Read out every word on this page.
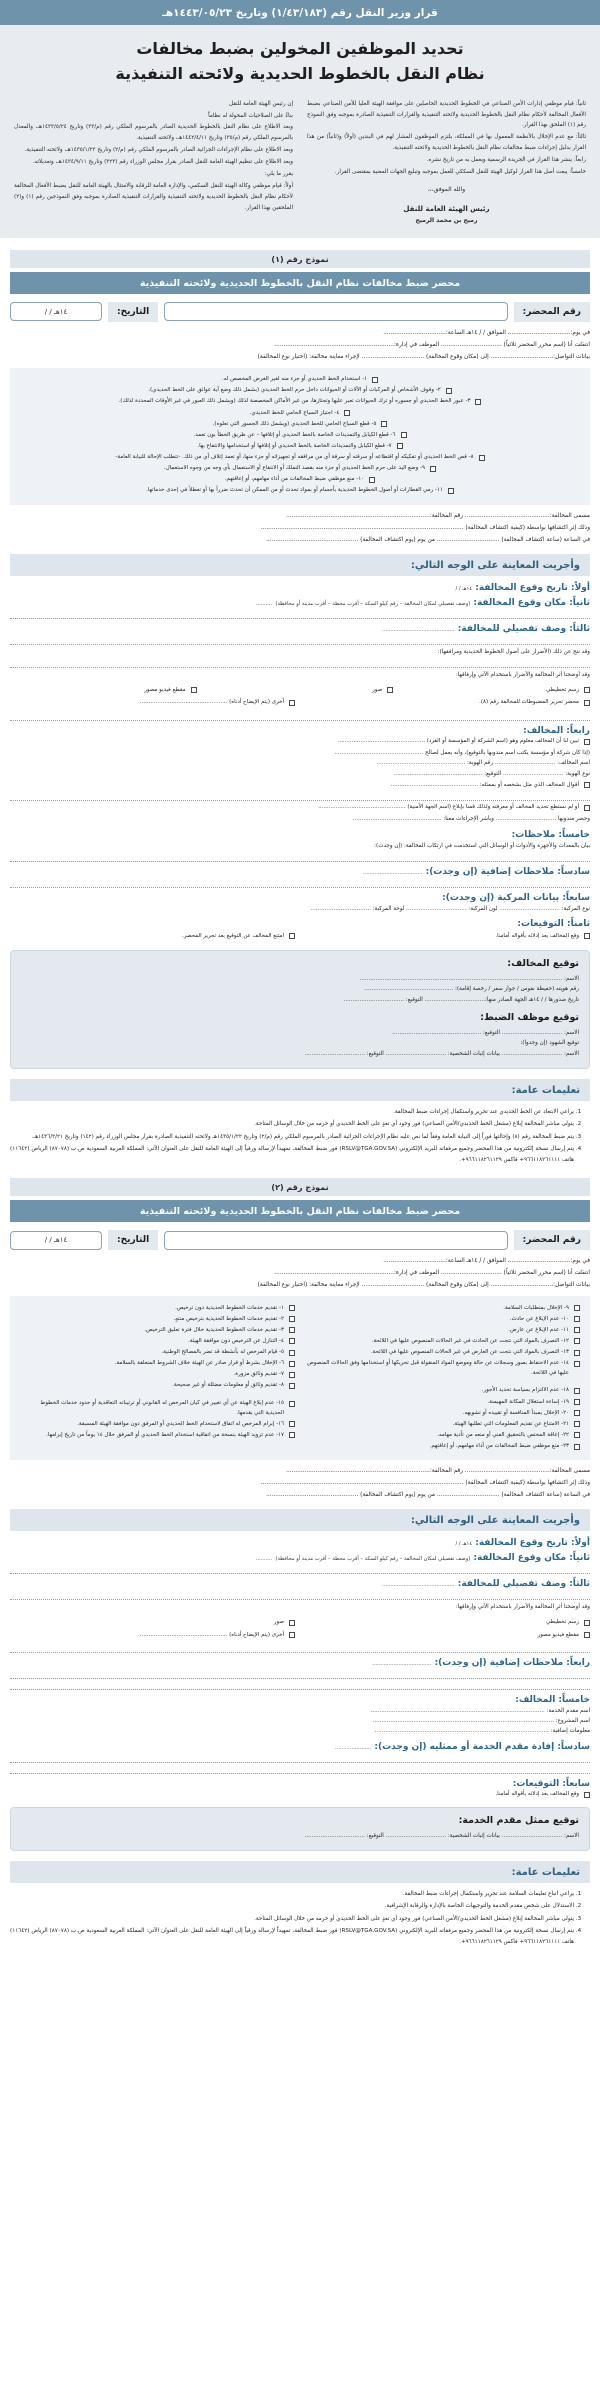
قرار وزير النقل رقم (١/٤٣/١٨٣) وتاريخ ١٤٤٣/٠٥/٢٣هـ
تحديد الموظفين المخولين بضبط مخالفات
نظام النقل بالخطوط الحديدية ولائحته التنفيذية

ثانياً: قيام موظفي إدارات الأمن الصناعي في الخطوط الحديدية الحاصلين على موافقة الهيئة العليا للأمن الصناعي بضبط الأفعال المخالفة لأحكام نظام النقل بالخطوط الحديدية ولائحته التنفيذية والقرارات التنفيذية الصادرة بموجبه وفق النموذج رقم (١) الملحق بهذا القرار.

ثالثاً: مع عدم الإخلال بالأنظمة المعمول بها في المملكة، يلتزم الموظفون المشار لهم في البندين (أولاً) و(ثانياً) من هذا القرار بدليل إجراءات ضبط مخالفات نظام النقل بالخطوط الحديدية ولائحته التنفيذية.

رابعاً: ينشر هذا القرار في الجريدة الرسمية ويعمل به من تاريخ نشره.

خامساً: يبعث أصل هذا القرار لوكيل الهيئة للنقل السككي للعمل بموجبه وتبليغ الجهات المعنية بمقتضى القرار.

والله الموفق،،،
رئيس الهيئة العامة للنقل
رميح بن محمد الرميح

إن رئيس الهيئة العامة للنقل

بناءً على الصلاحيات المخولة له نظاماً

وبعد الاطلاع على نظام النقل بالخطوط الحديدية الصادر بالمرسوم الملكي رقم (م/٣٣) وتاريخ ١٤٣٣/٥/٢٤هـ، والمعدل بالمرسوم الملكي رقم (م/٣٥) وتاريخ ١٤٤٢/٤/١١هـ، ولائحته التنفيذية.

وبعد الاطلاع على نظام الإجراءات الجزائية الصادر بالمرسوم الملكي رقم (م/٢) وتاريخ ١٤٣٥/١/٢٢هـ، ولائحته التنفيذية.

وبعد الاطلاع على تنظيم الهيئة العامة للنقل الصادر بقرار مجلس الوزراء رقم (٣٢٣) وتاريخ ١٤٣٤/٩/١١هـ، وتعديلاته.

يقرر ما يلي:

أولاً: قيام موظفي وكالة الهيئة للنقل السكمي، والإدارة العامة للرقابة والامتثال بالهيئة العامة للنقل بضبط الأفعال المخالفة لأحكام نظام النقل بالخطوط الحديدية ولائحته التنفيذية والقرارات التنفيذية الصادرة بموجبه وفق النموذجين رقم (١) و(٢) الملحقين بهذا القرار.

نموذج رقم (١)
محضر ضبط مخالفات نظام النقل بالخطوط الحديدية ولائحته التنفيذية
رقم المحضر:
التاريخ:
١٤هـ / /
في يوم:.................................. الموافق / / ١٤هـ الساعة:..................................
انتقلت أنا (اسم محرر المحضر ثلاثياً) ................................. الموظف في إدارة:.................................................................
بيانات التواصل:.................................. إلى (مكان وقوع المخالفة) .................................. لإجراء معاينة مخالفة: (اختيار نوع المخالفة)
١- استخدام الخط الحديدي أو جزء منه لغير الغرض المخصص له.
٢- وقوف الأشخاص أو المركبات أو الآلات أو الحيوانات داخل حرم الخط الحديدي (بشمل ذلك وضع أية عوائق على الخط الحديدي).
٣- عبور الخط الحديدي أو جسوره أو ترك الحيوانات تعبر عليها وتجتازها، من غير الأماكن المخصصة لذلك (ويشمل ذلك العبور في غير الأوقات المحددة لذلك).
٤- اجتياز السياج الحامي للخط الحديدي.
٥- قطع السياج الحامي للخط الحديدي (ويشمل ذلك الجسور التي تعلوه).
٦- قطع الكيابل والتمديدات الخاصة بالخط الحديدي أو إتلافها – عن طريق الخطأ بون تعمد.
٧- قطع الكيابل والتمديدات الخاصة بالخط الحديدي أو إتلافها أو استخدامها والانتفاع بها.
٨- قص الخط الحديدي أو تفكيكه أو اقتطاعه أو سرقته أو سرقة أي من مرافقه أو تجهيزاته أو جزء منها، أو تعمد إتلاف أي من ذلك. -تتطلب الإحالة للنيابة العامة-
٩- وضع اليد على حرم الخط الحديدي أو جزء منه بقصد التملك أو الانتفاع أو الاستعمال بأي وجه من وجوه الاستعمال.
١٠- منع موظفي ضبط المخالفات من أداء مهامهم، أو إعاقتهم.
١١- رمي القطارات أو أصول الخطوط الحديدية بأجسام أو بمواد تحدث أو من الممكن أن تحدث ضرراً بها أو تعطلاً في إحدى خدماتها.
مسمى المخالفة:.............................................. رقم المخالفة:..............................................................................
وذلك إثر اكتشافها بواسطة (كيفية اكتشاف المخالفة) ..............................................................................................................
في الساعة (ساعة اكتشاف المخالفة) .................................. من يوم (يوم اكتشاف المخالفة) ..................................................
وأجريت المعاينة على الوجه التالي:
أولاً: تاريخ وقوع المخالفة: ١٤هـ / /
ثانياً: مكان وقوع المخالفة: (وصف تفصيلي لمكان المخالفة – رقم كيلو السكة – أقرب محطة – أقرب مدينة أو محافظة) ..........
ثالثاً: وصف تفصيلي للمخالفة: ............................................
وقد نتج عن ذلك (الأضرار على أصول الخطوط الحديدية ومرافقها):
وقد أوضحنا أثر المخالفة والأضرار باستخدام الآتي وإرفاقها:
رسم تخطيطي
صور
مقطع فيديو مصور
محضر تحرير المضبوطات للمخالفة رقم (٨).
أخرى (يتم الإيضاح أدناه) ..................................................
رابعاً: المخالف:
تبين لنا أن المخالف معلوم وهو (اسم الشركة أو المؤسسة أو الفرد) ..................................................
(إذا كان شركة أو مؤسسة يكتب اسم مندوبها بالتوقيع)، وأنه يعمل لصالح ..................................................
اسم المخالف: .................................. رقم الهوية: ..................................................
نوع الهوية: .................................. التوقيع: ..................................................
أقوال المخالف الذي مثل بشخصه أو بممثله: ..................................................
أو لم نستطع تحديد المخالف أو معرفته ولذلك قمنا بإبلاغ (اسم الجهة الأمنية) ..................................................
وحضر مندوبها .................................. وباشر الإجراءات معنا: ..................................................
خامساً: ملاحظات:
بيان بالمعدات والأجهزة والأدوات أو الوسائل التي استخدمت في ارتكاب المخالفة: (إن وجدت):
سادساً: ملاحظات إضافية (إن وجدت): ....................................
سابعاً: بيانات المركبة (إن وجدت):
نوع المركبة: .................................. لون المركبة: .................................. لوحة المركبة: ..................................
ثامناً: التوقيعات:
وقع المخالف بعد إدلائه بأقواله أمامنا.
امتنع المخالف عن التوقيع بعد تحرير المحضر.
توقيع المخالف:
الاسم: ..................................................................................................................
رقم هويته (حفيظة نفوس / جواز سفر / رخصة إقامة): ..................................................
تاريخ صدورها / / ١٤هـ الجهة الصادر منها:.................................. التوقيع: ..................................
توقيع موظف الضبط:
الاسم: .................................. التوقيع: ..................................................
توقيع الشهود (إن وجدوا):
الاسم: .................................. بيانات إثبات الشخصية: .................................. التوقيع: ..................................
تعليمات عامة:
1. يراعي الابتعاد عن الخط الحديدي عند تحرير واستكمال إجراءات ضبط المخالفة.
2. يتولى مباشر المخالفة إبلاغ (مشغل الخط الحديدي/الأمن الصناعي) فور وجود أي تعدٍ على الخط الحديدي أو حرمه من خلال الوسائل المتاحة.
3. يتم ضبط المخالفة رقم (٨) وإحالتها فوراً إلى النيابة العامة وفقاً لما نص عليه نظام الإجراءات الجزائية الصادر بالمرسوم الملكي رقم (م/٢) وتاريخ ١٤٣٥/١/٢٢هـ ولائحته التنفيذية الصادرة بقرار مجلس الوزراء رقم (١٤٢) وتاريخ ١٤٣٦/٣/٢١هـ.
4. يتم إرسال نسخة إلكترونية من هذا المحضر وجميع مرفقاته للبريد الإلكتروني (RSLV@TGA.GOV.SA) فور ضبط المخالفة، تمهيداً لإرساله ورقياً إلى الهيئة العامة للنقل على العنوان الآتي: المملكة العربية السعودية ص.ب (٨٧٠٧٨) الرياض (١١٦٤٢) هاتف ٩٦٦١١٨٢٦١١١١+ فاكس ٩٦٦١١٨٢٦١١٢٩+.
نموذج رقم (٢)
محضر ضبط مخالفات نظام النقل بالخطوط الحديدية ولائحته التنفيذية
رقم المحضر:
التاريخ:
١٤هـ / /
في يوم:.................................. الموافق / / ١٤هـ الساعة:..................................
انتقلت أنا (اسم محرر المحضر ثلاثياً) ................................. الموظف في إدارة:.................................................................
بيانات التواصل:.................................. إلى (مكان وقوع المخالفة) .................................. لإجراء معاينة مخالفة: (اختيار نوع المخالفة)
٩- الإخلال بمتطلبات السلامة.
١٠- عدم الإبلاغ عن حادث.
١١- عدم الإبلاغ عن عارض.
١٢- التصرف بالمواد التي نتجت عن الحادث في غير الحالات المنصوص عليها في اللائحة.
١٣- التصرف بالمواد التي نتجت عن العارض في غير الحالات المنصوص عليها في اللائحة.
١٤- عدم الاحتفاظ بصور وسجلات عن حالة وموضع المواد المنقولة قبل تحريكها أو استخدامها وفق الحالات المنصوص عليها في اللائحة.
١٨- عدم الالتزام بسياسة تحديد الأجور.
١٩- إساءة استغلال المكانة المهيمنة.
٢٠- الإخلال بمبدأ المنافسة أو تقييده أو تشويهه.
٢١- الامتناع عن تقديم المعلومات التي تطلبها الهيئة.
٢٢- إعاقة المختص بالتحقيق الفني أو منعه من تأدية مهامه.
٢٣- منع موظفي ضبط المخالفات من أداء مهامهم، أو إعاقتهم.
١- تقديم خدمات الخطوط الحديدية دون ترخيص.
٢- تقديم خدمات الخطوط الحديدية بترخيص منتهٍ.
٣- تقديم خدمات الخطوط الحديدية خلال فترة تعليق الترخيص.
٤- التنازل عن الترخيص دون موافقة الهيئة.
٥- قيام المرخص له بأنشطة قد تضر بالمصالح الوطنية.
٦- الإخلال بشرط أو قرار صادر عن الهيئة خلاف الشروط المتعلقة بالسلامة.
٧- تقديم وثائق مزورة.
٨- تقديم وثائق أو معلومات مضللة أو غير صحيحة.
١٥- عدم إبلاغ الهيئة عن أي تغيير في كيان المرخص له القانوني أو ترتيباته التعاقدية أو حدود خدمات الخطوط الحديدية التي يقدمها.
١٦- إبرام المرخص له اتفاق لاستخدام الخط الحديدي أو المرفق دون موافقة الهيئة المسبقة.
١٧- عدم تزويد الهيئة بنسخة من اتفاقية استخدام الخط الحديدي أو المرفق خلال ١٤ يوماً من تاريخ إبرامها.
مسمى المخالفة:.............................................. رقم المخالفة:..............................................................................
وذلك إثر اكتشافها بواسطة (كيفية اكتشاف المخالفة) ..............................................................................................................
في الساعة (ساعة اكتشاف المخالفة) .................................. من يوم (يوم اكتشاف المخالفة) ..................................................
وأجريت المعاينة على الوجه التالي:
أولاً: تاريخ وقوع المخالفة: ١٤هـ / /
ثانياً: مكان وقوع المخالفة: (وصف تفصيلي لمكان المخالفة – رقم كيلو السكة – أقرب محطة – أقرب مدينة أو محافظة) ..........
ثالثاً: وصف تفصيلي للمخالفة: ............................................
وقد أوضحنا أثر المخالفة والأضرار باستخدام الآتي وإرفاقها:
رسم تخطيطي
صور
مقطع فيديو مصور
أخرى (يتم الإيضاح أدناه) ..................................................
رابعاً: ملاحظات إضافية (إن وجدت): ....................................
خامساً: المخالف:
اسم مقدم الخدمة: ..................................................................................................
اسم المشروع: ......................................................................................................
معلومات إضافية: ..................................................................................................
سادساً: إفادة مقدم الخدمة أو ممثليه (إن وجدت): ......................
سابعاً: التوقيعات:
وقع المخالف بعد إدلائه بأقواله أمامنا.
توقيع ممثل مقدم الخدمة:
الاسم: .................................. بيانات إثبات الشخصية: .................................. التوقيع: ..................................
تعليمات عامة:
1. يراعي اتباع تعليمات السلامة عند تحرير واستكمال إجراءات ضبط المخالفة.
2. الاستدلال على شخص مقدم الخدمة والتوجيهات الخاصة بالإدارة والرقابة الإشرافية.
3. يتولى مباشر المخالفة إبلاغ (مشغل الخط الحديدي/الأمن الصناعي) فور وجود أي تعدٍ على الخط الحديدي أو حرمه من خلال الوسائل المتاحة.
4. يتم إرسال نسخة إلكترونية من هذا المحضر وجميع مرفقاته للبريد الإلكتروني (RSLV@TGA.GOV.SA) فور ضبط المخالفة، تمهيداً لإرساله ورقياً إلى الهيئة العامة للنقل على العنوان الآتي: المملكة العربية السعودية ص.ب (٨٧٠٧٨) الرياض (١١٦٤٢) هاتف ٩٦٦١١٨٢٦١١١١+ فاكس ٩٦٦١١٨٢٦١١٢٩+.
